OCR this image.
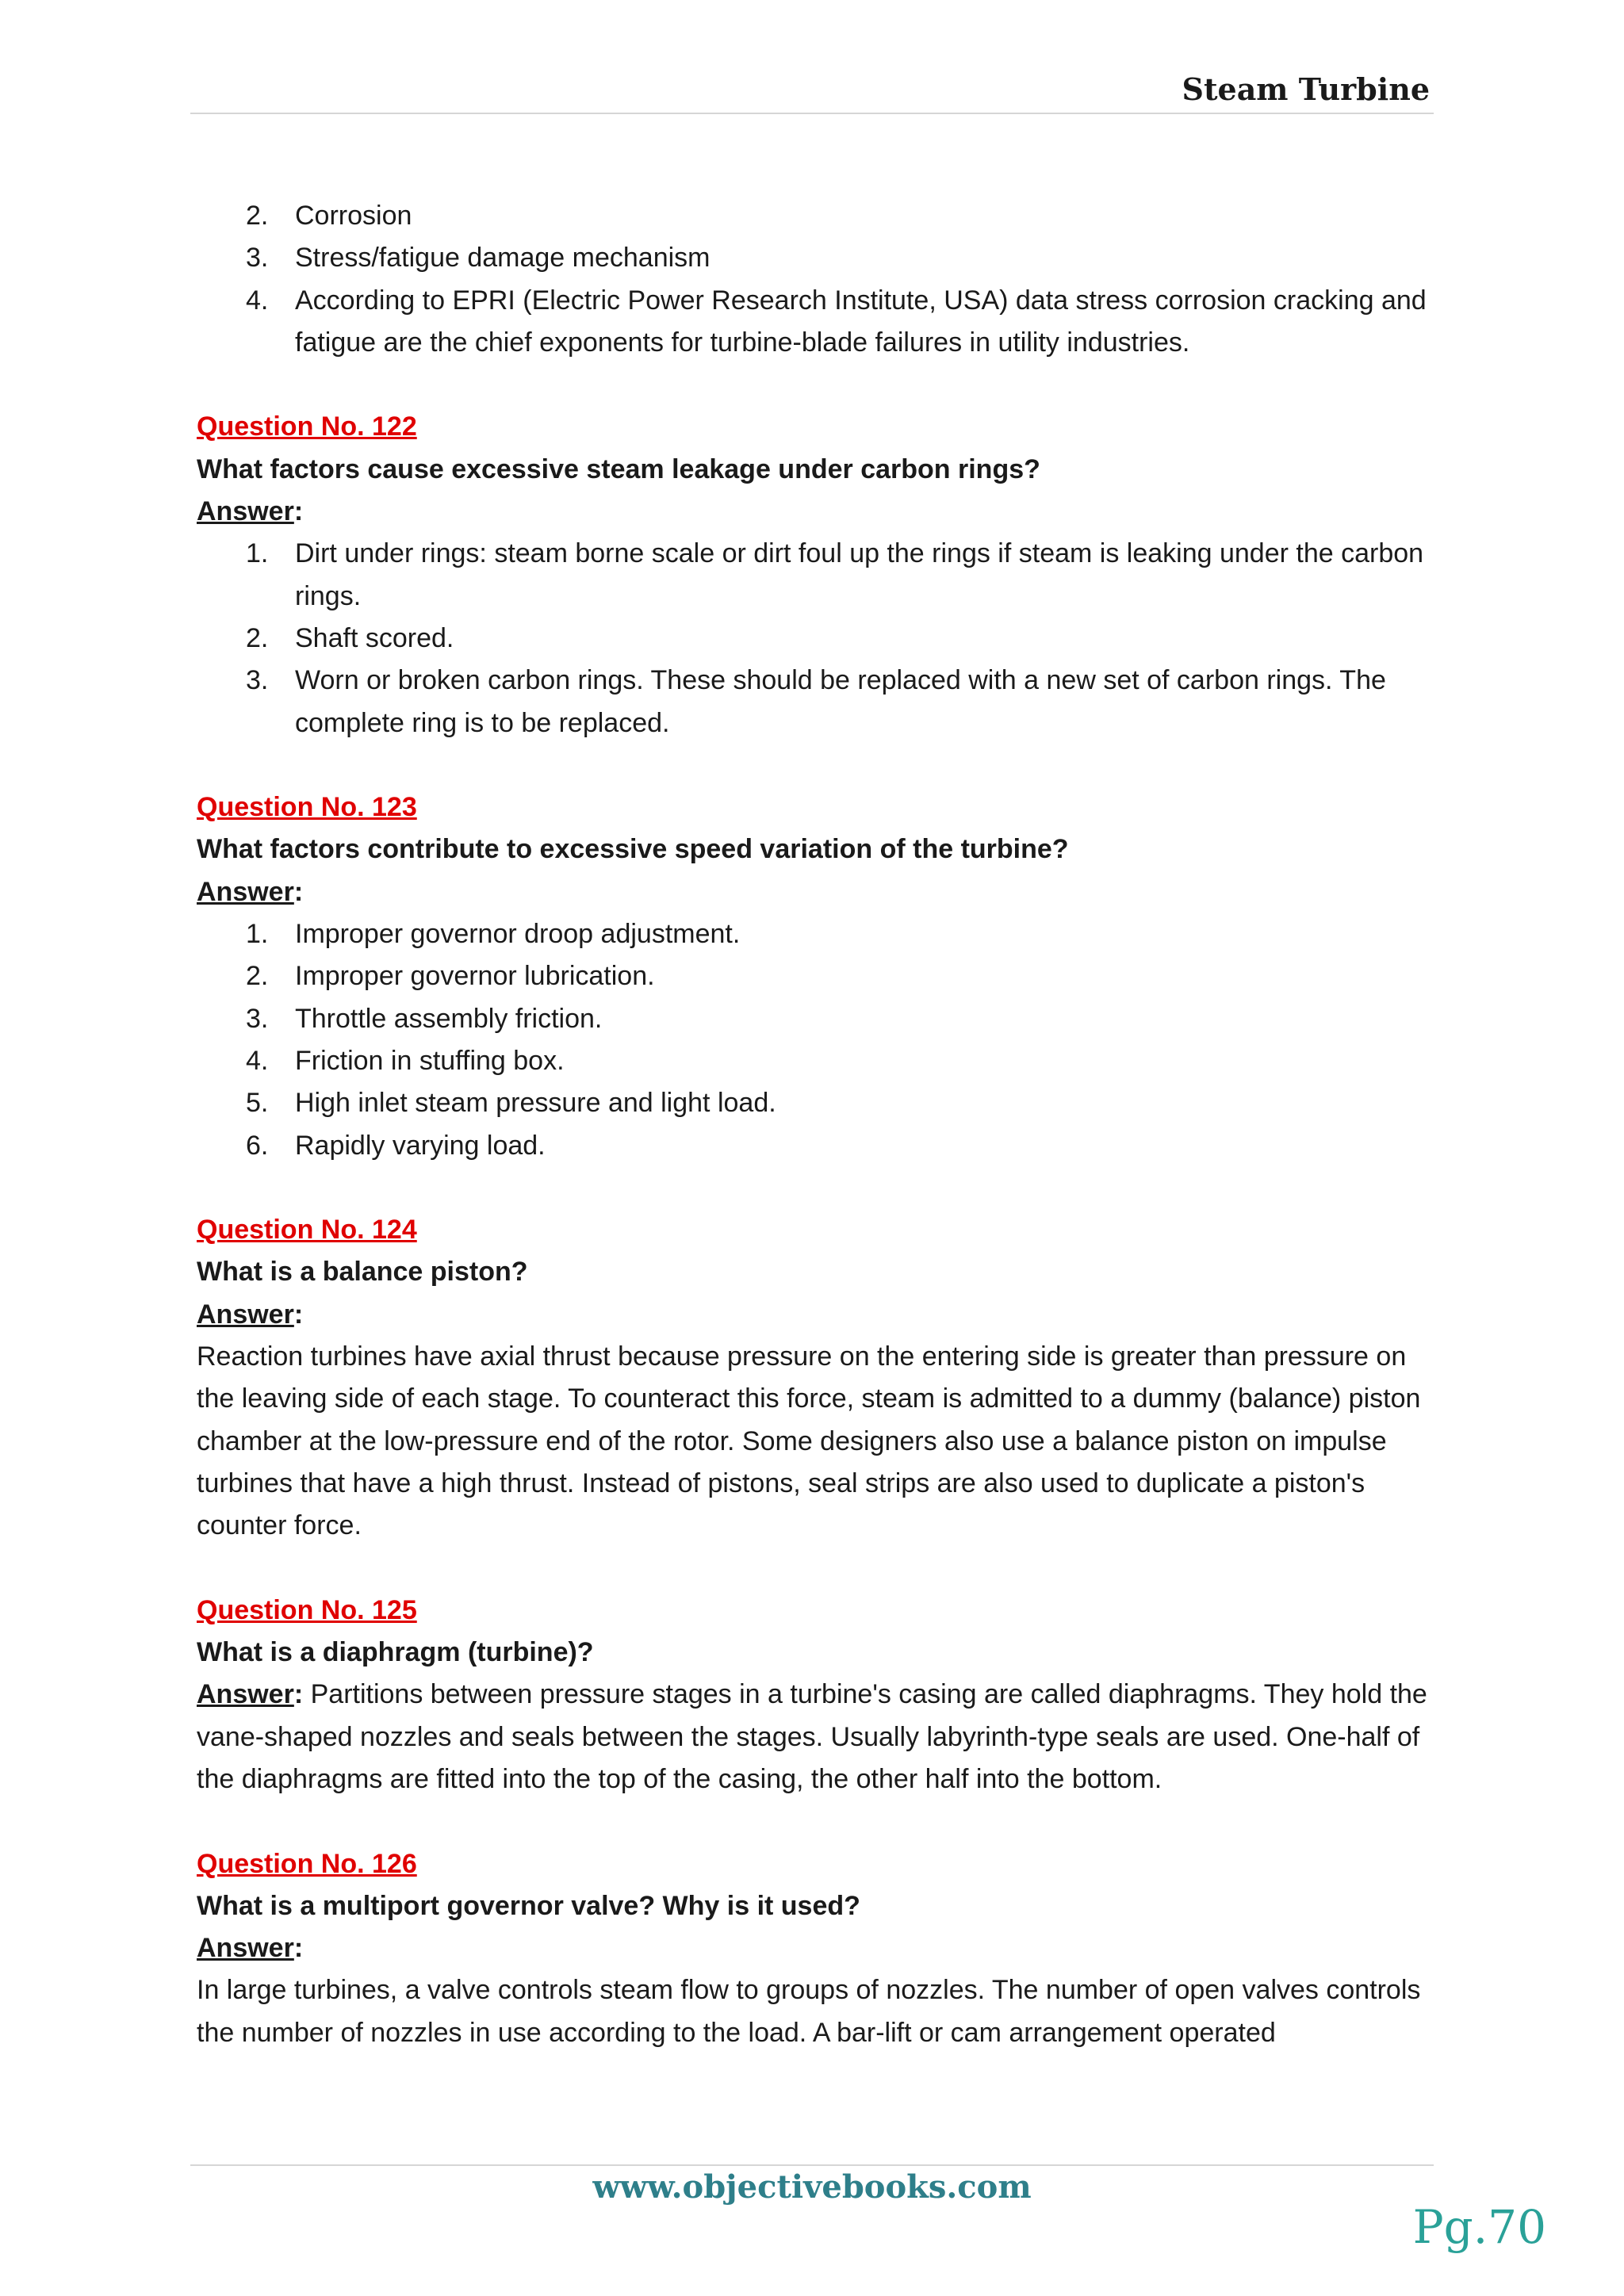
Steam Turbine
2. Corrosion
3. Stress/fatigue damage mechanism
4. According to EPRI (Electric Power Research Institute, USA) data stress corrosion cracking and fatigue are the chief exponents for turbine-blade failures in utility industries.
Question No. 122
What factors cause excessive steam leakage under carbon rings?
Answer:
1. Dirt under rings: steam borne scale or dirt foul up the rings if steam is leaking under the carbon rings.
2. Shaft scored.
3. Worn or broken carbon rings. These should be replaced with a new set of carbon rings. The complete ring is to be replaced.
Question No. 123
What factors contribute to excessive speed variation of the turbine?
Answer:
1. Improper governor droop adjustment.
2. Improper governor lubrication.
3. Throttle assembly friction.
4. Friction in stuffing box.
5. High inlet steam pressure and light load.
6. Rapidly varying load.
Question No. 124
What is a balance piston?
Answer:
Reaction turbines have axial thrust because pressure on the entering side is greater than pressure on the leaving side of each stage. To counteract this force, steam is admitted to a dummy (balance) piston chamber at the low-pressure end of the rotor. Some designers also use a balance piston on impulse turbines that have a high thrust. Instead of pistons, seal strips are also used to duplicate a piston's counter force.
Question No. 125
What is a diaphragm (turbine)?
Answer: Partitions between pressure stages in a turbine's casing are called diaphragms. They hold the vane-shaped nozzles and seals between the stages. Usually labyrinth-type seals are used. One-half of the diaphragms are fitted into the top of the casing, the other half into the bottom.
Question No. 126
What is a multiport governor valve? Why is it used?
Answer:
In large turbines, a valve controls steam flow to groups of nozzles. The number of open valves controls the number of nozzles in use according to the load. A bar-lift or cam arrangement operated
www.objectivebooks.com
Pg.70
